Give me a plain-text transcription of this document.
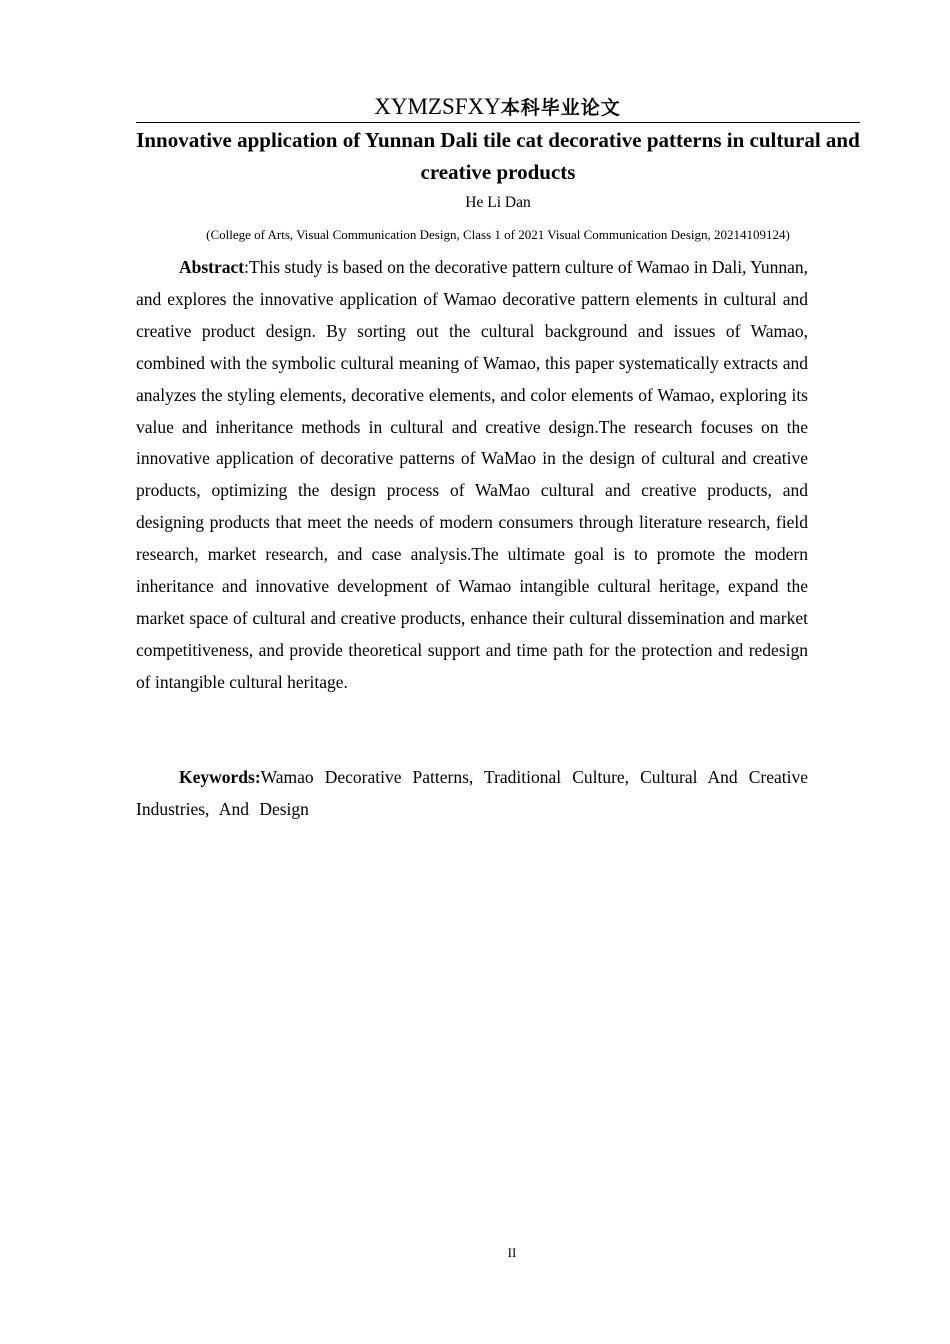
XYMZSFXY本科毕业论文
Innovative application of Yunnan Dali tile cat decorative patterns in cultural and creative products
He Li Dan
(College of Arts, Visual Communication Design, Class 1 of 2021 Visual Communication Design, 20214109124)

Abstract:This study is based on the decorative pattern culture of Wamao in Dali, Yunnan, and explores the innovative application of Wamao decorative pattern elements in cultural and creative product design. By sorting out the cultural background and issues of Wamao, combined with the symbolic cultural meaning of Wamao, this paper systematically extracts and analyzes the styling elements, decorative elements, and color elements of Wamao, exploring its value and inheritance methods in cultural and creative design.The research focuses on the innovative application of decorative patterns of WaMao in the design of cultural and creative products, optimizing the design process of WaMao cultural and creative products, and designing products that meet the needs of modern consumers through literature research, field research, market research, and case analysis.The ultimate goal is to promote the modern inheritance and innovative development of Wamao intangible cultural heritage, expand the market space of cultural and creative products, enhance their cultural dissemination and market competitiveness, and provide theoretical support and time path for the protection and redesign of intangible cultural heritage.

Keywords:Wamao Decorative Patterns, Traditional Culture, Cultural And Creative Industries, And Design

II
